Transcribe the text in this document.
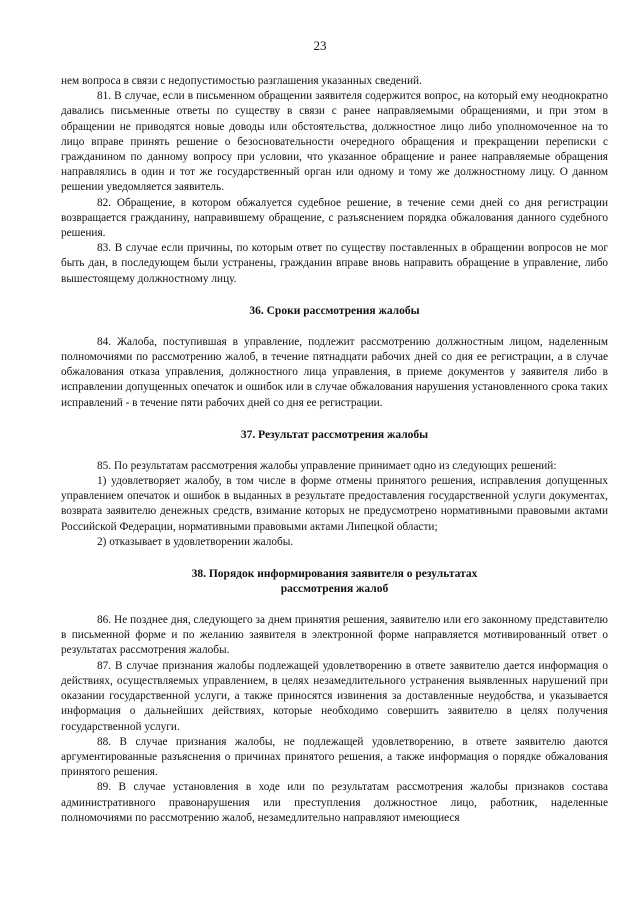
23

нем вопроса в связи с недопустимостью разглашения указанных сведений.

81. В случае, если в письменном обращении заявителя содержится вопрос, на который ему неоднократно давались письменные ответы по существу в связи с ранее направляемыми обращениями, и при этом в обращении не приводятся новые доводы или обстоятельства, должностное лицо либо уполномоченное на то лицо вправе принять решение о безосновательности очередного обращения и прекращении переписки с гражданином по данному вопросу при условии, что указанное обращение и ранее направляемые обращения направлялись в один и тот же государственный орган или одному и тому же должностному лицу. О данном решении уведомляется заявитель.

82. Обращение, в котором обжалуется судебное решение, в течение семи дней со дня регистрации возвращается гражданину, направившему обращение, с разъяснением порядка обжалования данного судебного решения.

83. В случае если причины, по которым ответ по существу поставленных в обращении вопросов не мог быть дан, в последующем были устранены, гражданин вправе вновь направить обращение в управление, либо вышестоящему должностному лицу.

36. Сроки рассмотрения жалобы

84. Жалоба, поступившая в управление, подлежит рассмотрению должностным лицом, наделенным полномочиями по рассмотрению жалоб, в течение пятнадцати рабочих дней со дня ее регистрации, а в случае обжалования отказа управления, должностного лица управления, в приеме документов у заявителя либо в исправлении допущенных опечаток и ошибок или в случае обжалования нарушения установленного срока таких исправлений - в течение пяти рабочих дней со дня ее регистрации.

37. Результат рассмотрения жалобы

85. По результатам рассмотрения жалобы управление принимает одно из следующих решений:

1) удовлетворяет жалобу, в том числе в форме отмены принятого решения, исправления допущенных управлением опечаток и ошибок в выданных в результате предоставления государственной услуги документах, возврата заявителю денежных средств, взимание которых не предусмотрено нормативными правовыми актами Российской Федерации, нормативными правовыми актами Липецкой области;

2) отказывает в удовлетворении жалобы.

38. Порядок информирования заявителя о результатах
рассмотрения жалоб

86. Не позднее дня, следующего за днем принятия решения, заявителю или его законному представителю в письменной форме и по желанию заявителя в электронной форме направляется мотивированный ответ о результатах рассмотрения жалобы.

87. В случае признания жалобы подлежащей удовлетворению в ответе заявителю дается информация о действиях, осуществляемых управлением, в целях незамедлительного устранения выявленных нарушений при оказании государственной услуги, а также приносятся извинения за доставленные неудобства, и указывается информация о дальнейших действиях, которые необходимо совершить заявителю в целях получения государственной услуги.

88. В случае признания жалобы, не подлежащей удовлетворению, в ответе заявителю даются аргументированные разъяснения о причинах принятого решения, а также информация о порядке обжалования принятого решения.

89. В случае установления в ходе или по результатам рассмотрения жалобы признаков состава административного правонарушения или преступления должностное лицо, работник, наделенные полномочиями по рассмотрению жалоб, незамедлительно направляют имеющиеся
